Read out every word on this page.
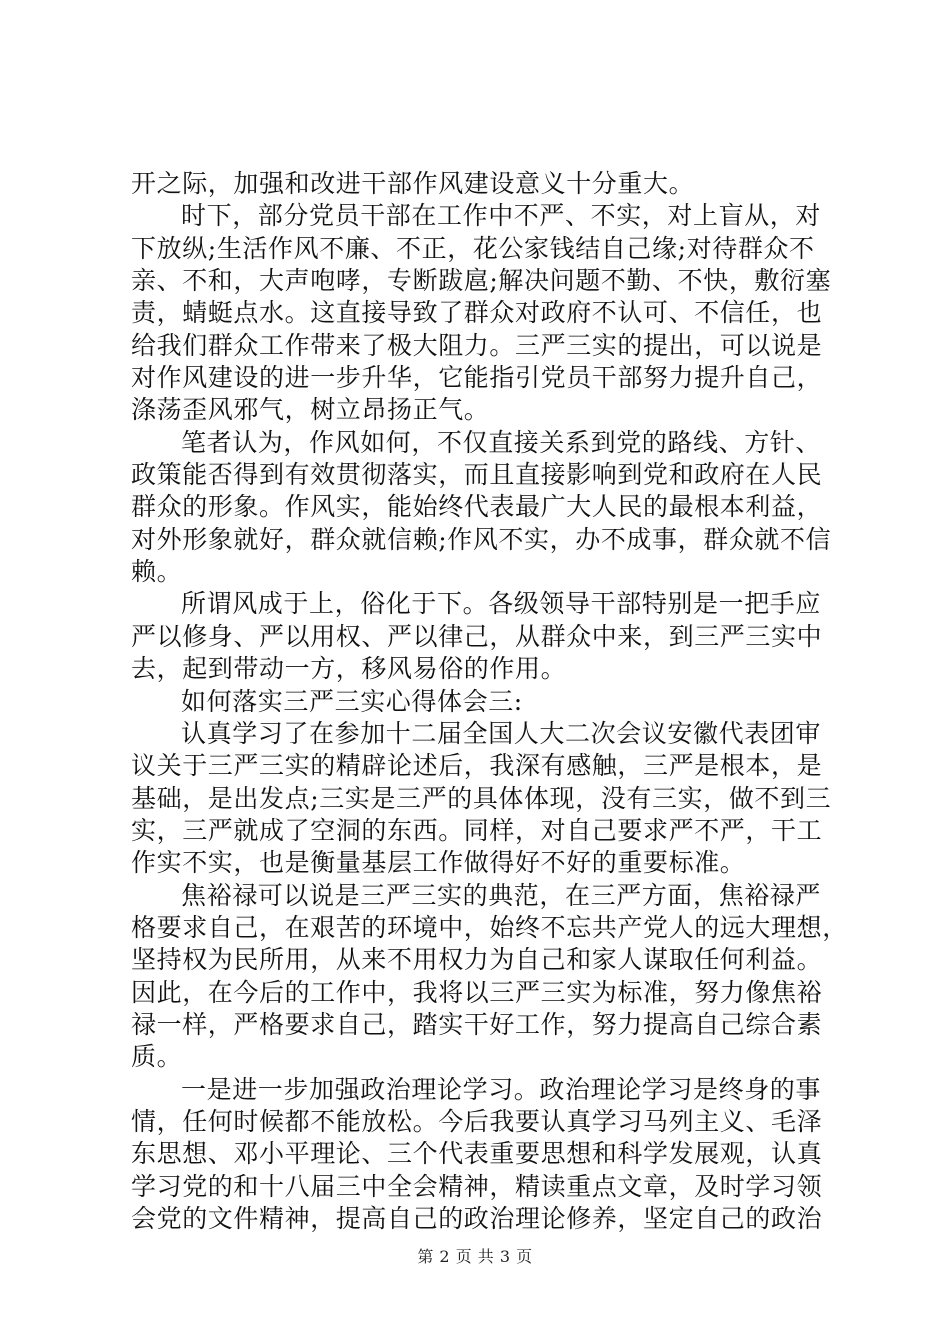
开之际，加强和改进干部作风建设意义十分重大。
时下，部分党员干部在工作中不严、不实，对上盲从，对
下放纵;生活作风不廉、不正，花公家钱结自己缘;对待群众不
亲、不和，大声咆哮，专断跋扈;解决问题不勤、不快，敷衍塞
责，蜻蜓点水。这直接导致了群众对政府不认可、不信任，也
给我们群众工作带来了极大阻力。三严三实的提出，可以说是
对作风建设的进一步升华，它能指引党员干部努力提升自己，
涤荡歪风邪气，树立昂扬正气。
笔者认为，作风如何，不仅直接关系到党的路线、方针、
政策能否得到有效贯彻落实，而且直接影响到党和政府在人民
群众的形象。作风实，能始终代表最广大人民的最根本利益，
对外形象就好，群众就信赖;作风不实，办不成事，群众就不信
赖。
所谓风成于上，俗化于下。各级领导干部特别是一把手应
严以修身、严以用权、严以律己，从群众中来，到三严三实中
去，起到带动一方，移风易俗的作用。
如何落实三严三实心得体会三:
认真学习了在参加十二届全国人大二次会议安徽代表团审
议关于三严三实的精辟论述后，我深有感触，三严是根本，是
基础，是出发点;三实是三严的具体体现，没有三实，做不到三
实，三严就成了空洞的东西。同样，对自己要求严不严，干工
作实不实，也是衡量基层工作做得好不好的重要标准。
焦裕禄可以说是三严三实的典范，在三严方面，焦裕禄严
格要求自己，在艰苦的环境中，始终不忘共产党人的远大理想，
坚持权为民所用，从来不用权力为自己和家人谋取任何利益。
因此，在今后的工作中，我将以三严三实为标准，努力像焦裕
禄一样，严格要求自己，踏实干好工作，努力提高自己综合素
质。
一是进一步加强政治理论学习。政治理论学习是终身的事
情，任何时候都不能放松。今后我要认真学习马列主义、毛泽
东思想、邓小平理论、三个代表重要思想和科学发展观，认真
学习党的和十八届三中全会精神，精读重点文章，及时学习领
会党的文件精神，提高自己的政治理论修养，坚定自己的政治
第 2 页 共 3 页
